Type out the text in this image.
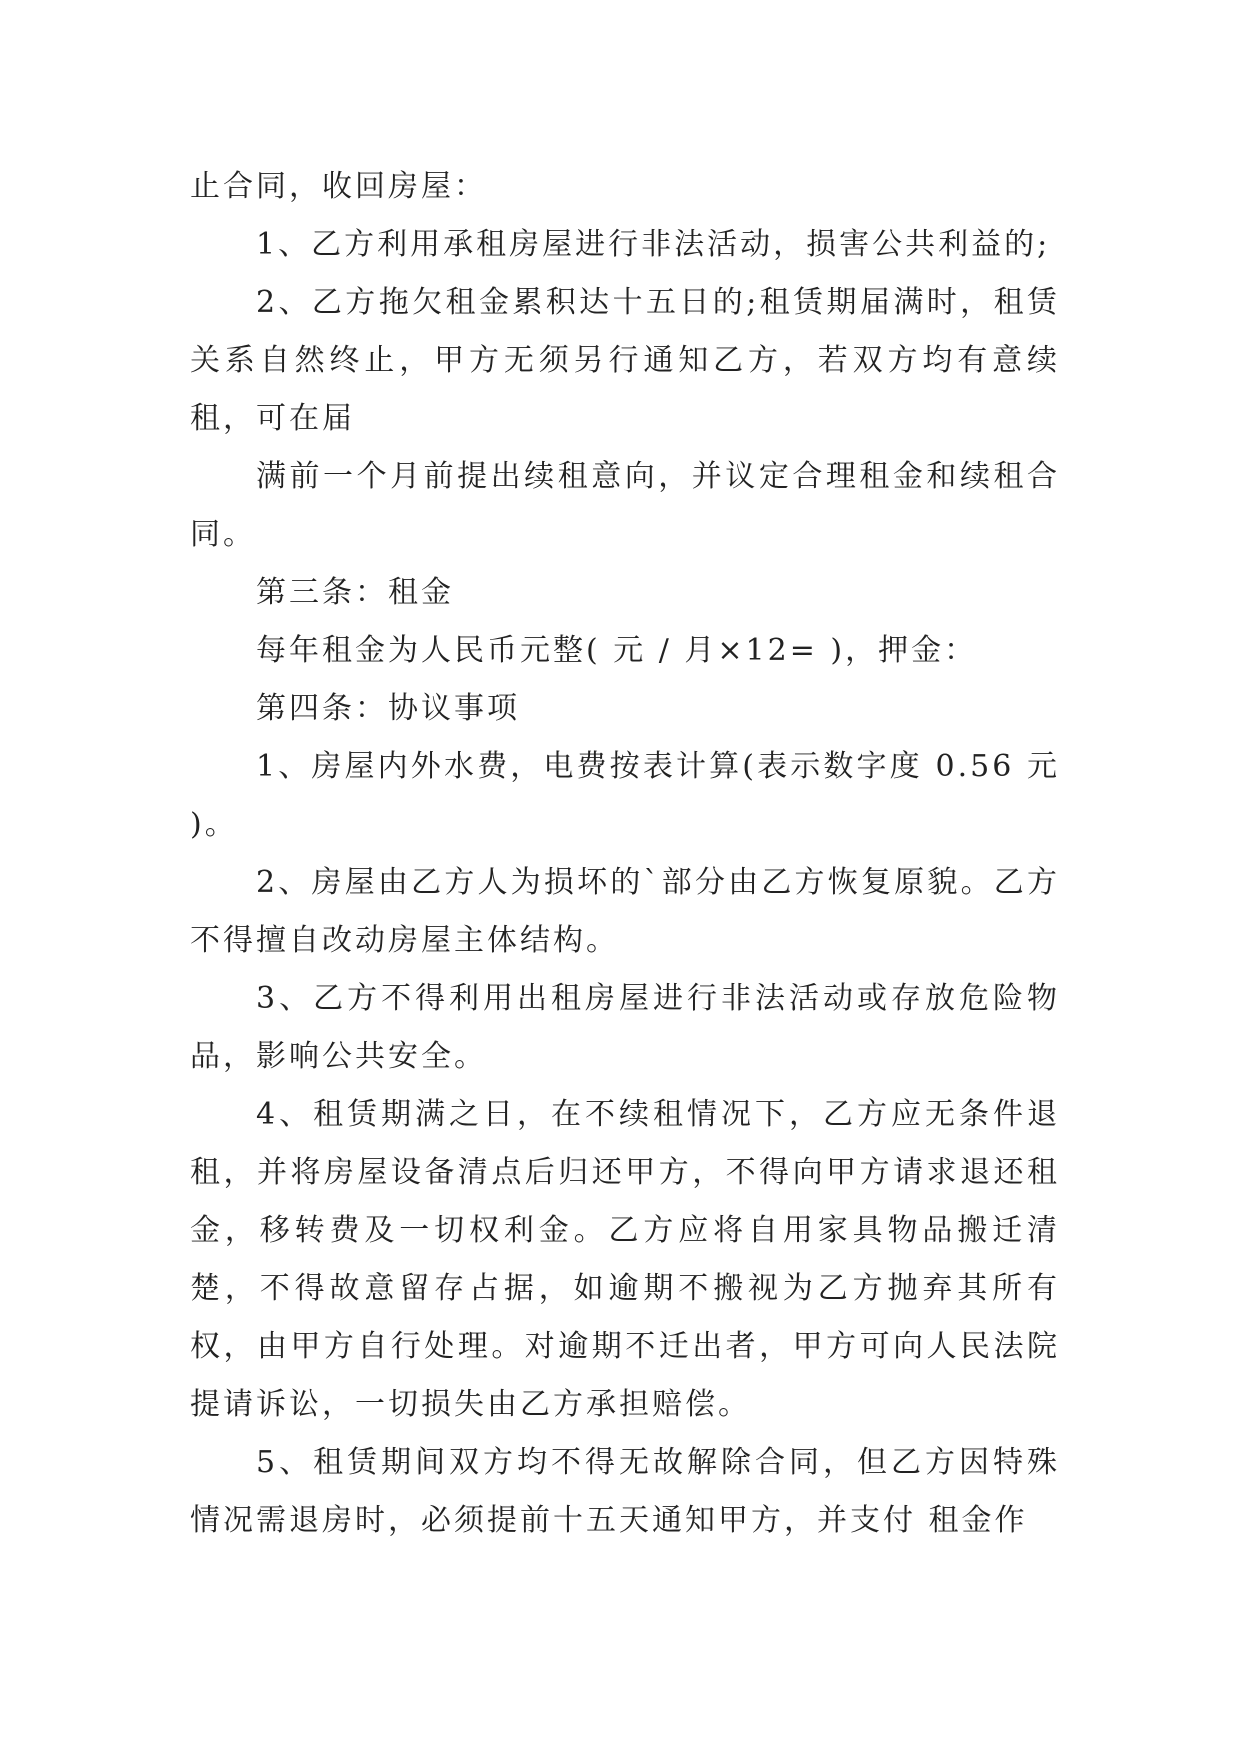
止合同，收回房屋：

1、乙方利用承租房屋进行非法活动，损害公共利益的;

2、乙方拖欠租金累积达十五日的;租赁期届满时，租赁关系自然终止，甲方无须另行通知乙方，若双方均有意续租，可在届

满前一个月前提出续租意向，并议定合理租金和续租合同。

第三条：租金

每年租金为人民币元整( 元 / 月×12= )，押金：

第四条：协议事项

1、房屋内外水费，电费按表计算(表示数字度 0.56 元 )。

2、房屋由乙方人为损坏的`部分由乙方恢复原貌。乙方不得擅自改动房屋主体结构。

3、乙方不得利用出租房屋进行非法活动或存放危险物品，影响公共安全。

4、租赁期满之日，在不续租情况下，乙方应无条件退租，并将房屋设备清点后归还甲方，不得向甲方请求退还租金，移转费及一切权利金。乙方应将自用家具物品搬迁清楚，不得故意留存占据，如逾期不搬视为乙方抛弃其所有权，由甲方自行处理。对逾期不迁出者，甲方可向人民法院提请诉讼，一切损失由乙方承担赔偿。

5、租赁期间双方均不得无故解除合同，但乙方因特殊情况需退房时，必须提前十五天通知甲方，并支付 租金作
